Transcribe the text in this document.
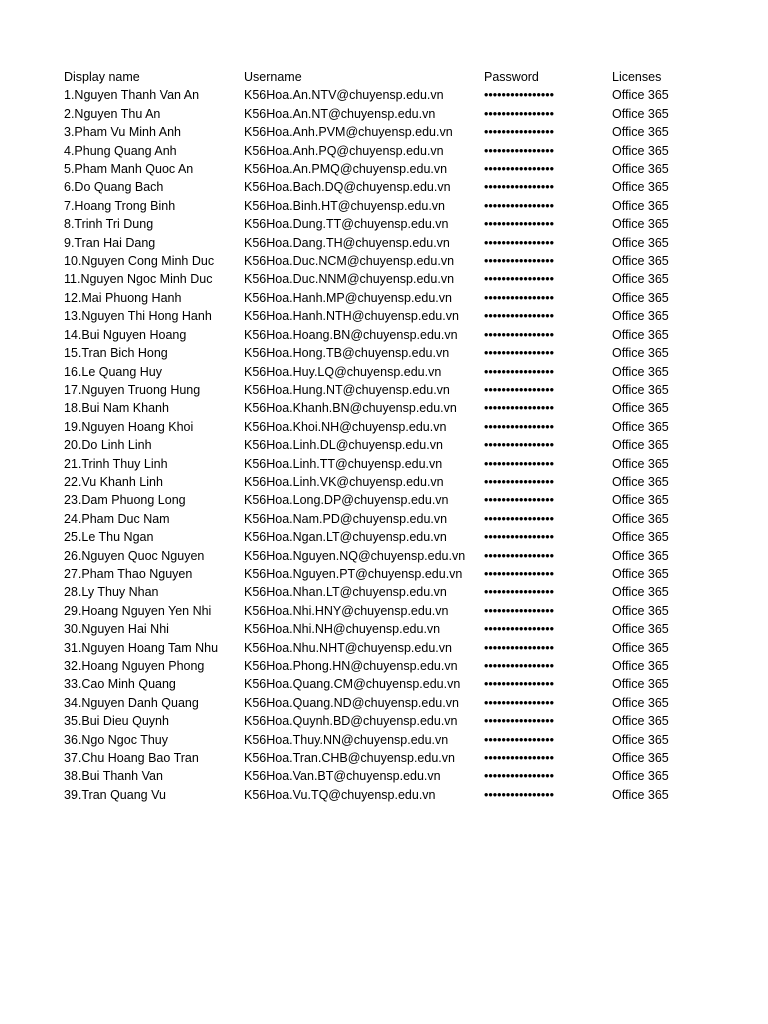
Display name	Username	Password	Licenses
1.Nguyen Thanh Van An	K56Hoa.An.NTV@chuyensp.edu.vn	••••••••••••••••	Office 365
2.Nguyen Thu An	K56Hoa.An.NT@chuyensp.edu.vn	••••••••••••••••	Office 365
3.Pham Vu Minh Anh	K56Hoa.Anh.PVM@chuyensp.edu.vn	••••••••••••••••	Office 365
4.Phung Quang Anh	K56Hoa.Anh.PQ@chuyensp.edu.vn	••••••••••••••••	Office 365
5.Pham Manh Quoc An	K56Hoa.An.PMQ@chuyensp.edu.vn	••••••••••••••••	Office 365
6.Do Quang Bach	K56Hoa.Bach.DQ@chuyensp.edu.vn	••••••••••••••••	Office 365
7.Hoang Trong Binh	K56Hoa.Binh.HT@chuyensp.edu.vn	••••••••••••••••	Office 365
8.Trinh Tri Dung	K56Hoa.Dung.TT@chuyensp.edu.vn	••••••••••••••••	Office 365
9.Tran Hai Dang	K56Hoa.Dang.TH@chuyensp.edu.vn	••••••••••••••••	Office 365
10.Nguyen Cong Minh Duc	K56Hoa.Duc.NCM@chuyensp.edu.vn	••••••••••••••••	Office 365
11.Nguyen Ngoc Minh Duc	K56Hoa.Duc.NNM@chuyensp.edu.vn	••••••••••••••••	Office 365
12.Mai Phuong Hanh	K56Hoa.Hanh.MP@chuyensp.edu.vn	••••••••••••••••	Office 365
13.Nguyen Thi Hong Hanh	K56Hoa.Hanh.NTH@chuyensp.edu.vn	••••••••••••••••	Office 365
14.Bui Nguyen Hoang	K56Hoa.Hoang.BN@chuyensp.edu.vn	••••••••••••••••	Office 365
15.Tran Bich Hong	K56Hoa.Hong.TB@chuyensp.edu.vn	••••••••••••••••	Office 365
16.Le Quang Huy	K56Hoa.Huy.LQ@chuyensp.edu.vn	••••••••••••••••	Office 365
17.Nguyen Truong Hung	K56Hoa.Hung.NT@chuyensp.edu.vn	••••••••••••••••	Office 365
18.Bui Nam Khanh	K56Hoa.Khanh.BN@chuyensp.edu.vn	••••••••••••••••	Office 365
19.Nguyen Hoang Khoi	K56Hoa.Khoi.NH@chuyensp.edu.vn	••••••••••••••••	Office 365
20.Do Linh Linh	K56Hoa.Linh.DL@chuyensp.edu.vn	••••••••••••••••	Office 365
21.Trinh Thuy Linh	K56Hoa.Linh.TT@chuyensp.edu.vn	••••••••••••••••	Office 365
22.Vu Khanh Linh	K56Hoa.Linh.VK@chuyensp.edu.vn	••••••••••••••••	Office 365
23.Dam Phuong Long	K56Hoa.Long.DP@chuyensp.edu.vn	••••••••••••••••	Office 365
24.Pham Duc Nam	K56Hoa.Nam.PD@chuyensp.edu.vn	••••••••••••••••	Office 365
25.Le Thu Ngan	K56Hoa.Ngan.LT@chuyensp.edu.vn	••••••••••••••••	Office 365
26.Nguyen Quoc Nguyen	K56Hoa.Nguyen.NQ@chuyensp.edu.vn	••••••••••••••••	Office 365
27.Pham Thao Nguyen	K56Hoa.Nguyen.PT@chuyensp.edu.vn	••••••••••••••••	Office 365
28.Ly Thuy Nhan	K56Hoa.Nhan.LT@chuyensp.edu.vn	••••••••••••••••	Office 365
29.Hoang Nguyen Yen Nhi	K56Hoa.Nhi.HNY@chuyensp.edu.vn	••••••••••••••••	Office 365
30.Nguyen Hai Nhi	K56Hoa.Nhi.NH@chuyensp.edu.vn	••••••••••••••••	Office 365
31.Nguyen Hoang Tam Nhu	K56Hoa.Nhu.NHT@chuyensp.edu.vn	••••••••••••••••	Office 365
32.Hoang Nguyen Phong	K56Hoa.Phong.HN@chuyensp.edu.vn	••••••••••••••••	Office 365
33.Cao Minh Quang	K56Hoa.Quang.CM@chuyensp.edu.vn	••••••••••••••••	Office 365
34.Nguyen Danh Quang	K56Hoa.Quang.ND@chuyensp.edu.vn	••••••••••••••••	Office 365
35.Bui Dieu Quynh	K56Hoa.Quynh.BD@chuyensp.edu.vn	••••••••••••••••	Office 365
36.Ngo Ngoc Thuy	K56Hoa.Thuy.NN@chuyensp.edu.vn	••••••••••••••••	Office 365
37.Chu Hoang Bao Tran	K56Hoa.Tran.CHB@chuyensp.edu.vn	••••••••••••••••	Office 365
38.Bui Thanh Van	K56Hoa.Van.BT@chuyensp.edu.vn	••••••••••••••••	Office 365
39.Tran Quang Vu	K56Hoa.Vu.TQ@chuyensp.edu.vn	••••••••••••••••	Office 365
